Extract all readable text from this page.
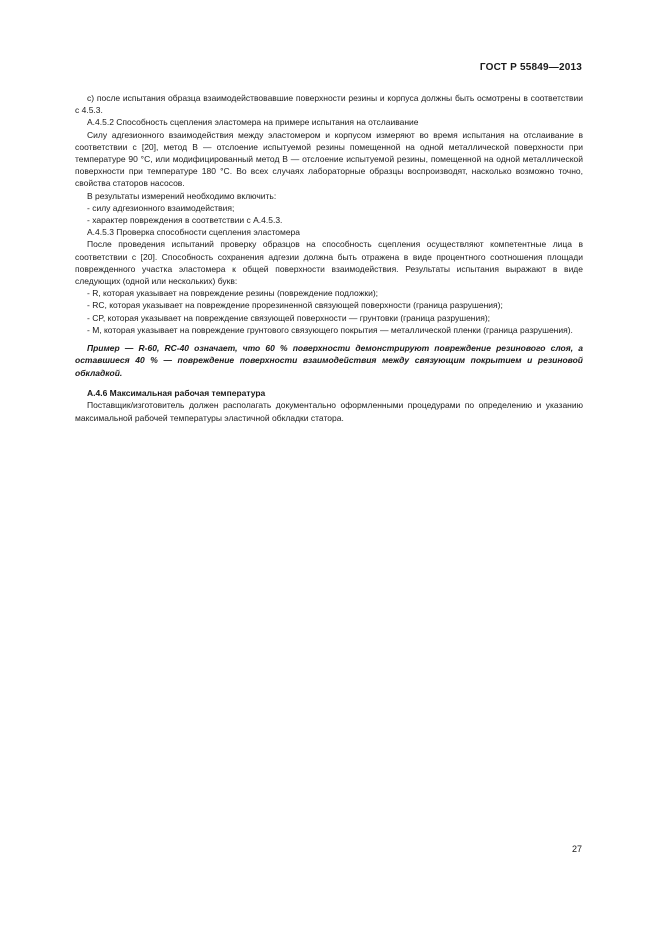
ГОСТ Р 55849—2013

c) после испытания образца взаимодействовавшие поверхности резины и корпуса должны быть осмотрены в соответствии с 4.5.3.

A.4.5.2 Способность сцепления эластомера на примере испытания на отслаивание

Силу адгезионного взаимодействия между эластомером и корпусом измеряют во время испытания на отслаивание в соответствии с [20], метод B — отслоение испытуемой резины помещенной на одной металлической поверхности при температуре 90 °C, или модифицированный метод B — отслоение испытуемой резины, помещенной на одной металлической поверхности при температуре 180 °C. Во всех случаях лабораторные образцы воспроизводят, насколько возможно точно, свойства статоров насосов.

В результаты измерений необходимо включить:

- силу адгезионного взаимодействия;

- характер повреждения в соответствии с A.4.5.3.

A.4.5.3 Проверка способности сцепления эластомера

После проведения испытаний проверку образцов на способность сцепления осуществляют компетентные лица в соответствии с [20]. Способность сохранения адгезии должна быть отражена в виде процентного соотношения площади поврежденного участка эластомера к общей поверхности взаимодействия. Результаты испытания выражают в виде следующих (одной или нескольких) букв:

- R, которая указывает на повреждение резины (повреждение подложки);

- RC, которая указывает на повреждение прорезиненной связующей поверхности (граница разрушения);

- CP, которая указывает на повреждение связующей поверхности — грунтовки (граница разрушения);

- M, которая указывает на повреждение грунтового связующего покрытия — металлической пленки (граница разрушения).

Пример — R-60, RC-40 означает, что 60 % поверхности демонстрируют повреждение резинового слоя, а оставшиеся 40 % — повреждение поверхности взаимодействия между связующим покрытием и резиновой обкладкой.

A.4.6 Максимальная рабочая температура

Поставщик/изготовитель должен располагать документально оформленными процедурами по определению и указанию максимальной рабочей температуры эластичной обкладки статора.

27
